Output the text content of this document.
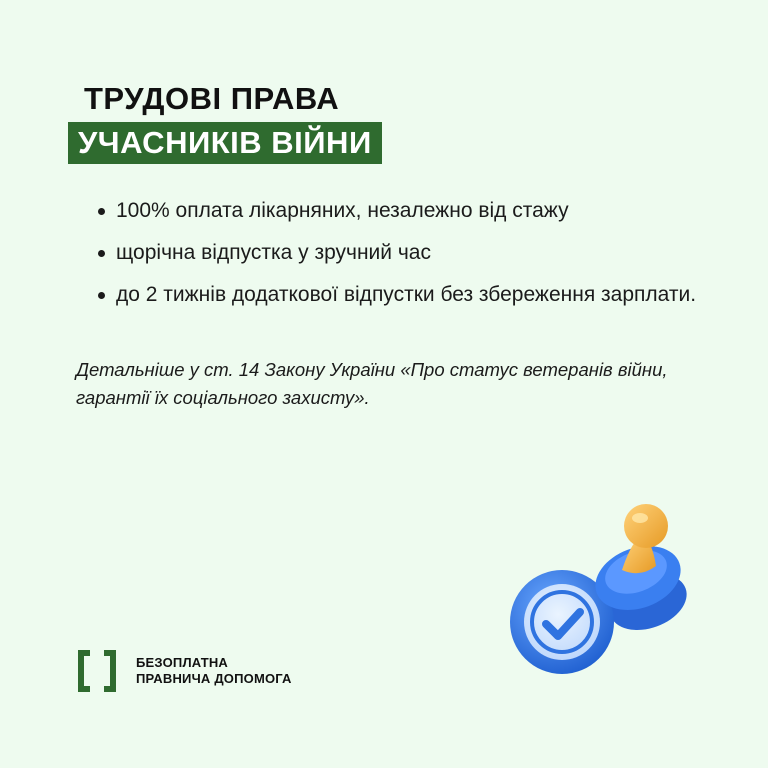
ТРУДОВІ ПРАВА
УЧАСНИКІВ ВІЙНИ
100% оплата лікарняних, незалежно від стажу
щорічна відпустка у зручний час
до 2 тижнів додаткової відпустки без збереження зарплати.

Детальніше у ст. 14 Закону України «Про статус ветеранів війни, гарантії їх соціального захисту».

БЕЗОПЛАТНА
ПРАВНИЧА ДОПОМОГА
